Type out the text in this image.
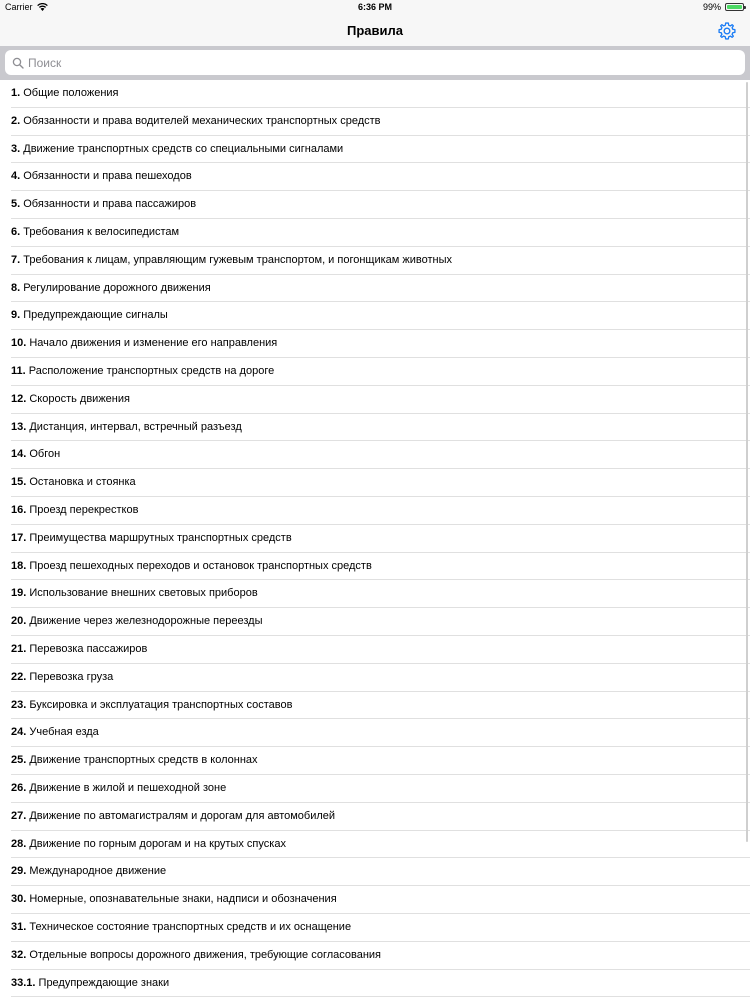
Carrier	6:36 PM	99%
Правила
Поиск
1. Общие положения
2. Обязанности и права водителей механических транспортных средств
3. Движение транспортных средств со специальными сигналами
4. Обязанности и права пешеходов
5. Обязанности и права пассажиров
6. Требования к велосипедистам
7. Требования к лицам, управляющим гужевым транспортом, и погонщикам животных
8. Регулирование дорожного движения
9. Предупреждающие сигналы
10. Начало движения и изменение его направления
11. Расположение транспортных средств на дороге
12. Скорость движения
13. Дистанция, интервал, встречный разъезд
14. Обгон
15. Остановка и стоянка
16. Проезд перекрестков
17. Преимущества маршрутных транспортных средств
18. Проезд пешеходных переходов и остановок транспортных средств
19. Использование внешних световых приборов
20. Движение через железнодорожные переезды
21. Перевозка пассажиров
22. Перевозка груза
23. Буксировка и эксплуатация транспортных составов
24. Учебная езда
25. Движение транспортных средств в колоннах
26. Движение в жилой и пешеходной зоне
27. Движение по автомагистралям и дорогам для автомобилей
28. Движение по горным дорогам и на крутых спусках
29. Международное движение
30. Номерные, опознавательные знаки, надписи и обозначения
31. Техническое состояние транспортных средств и их оснащение
32. Отдельные вопросы дорожного движения, требующие согласования
33.1. Предупреждающие знаки
